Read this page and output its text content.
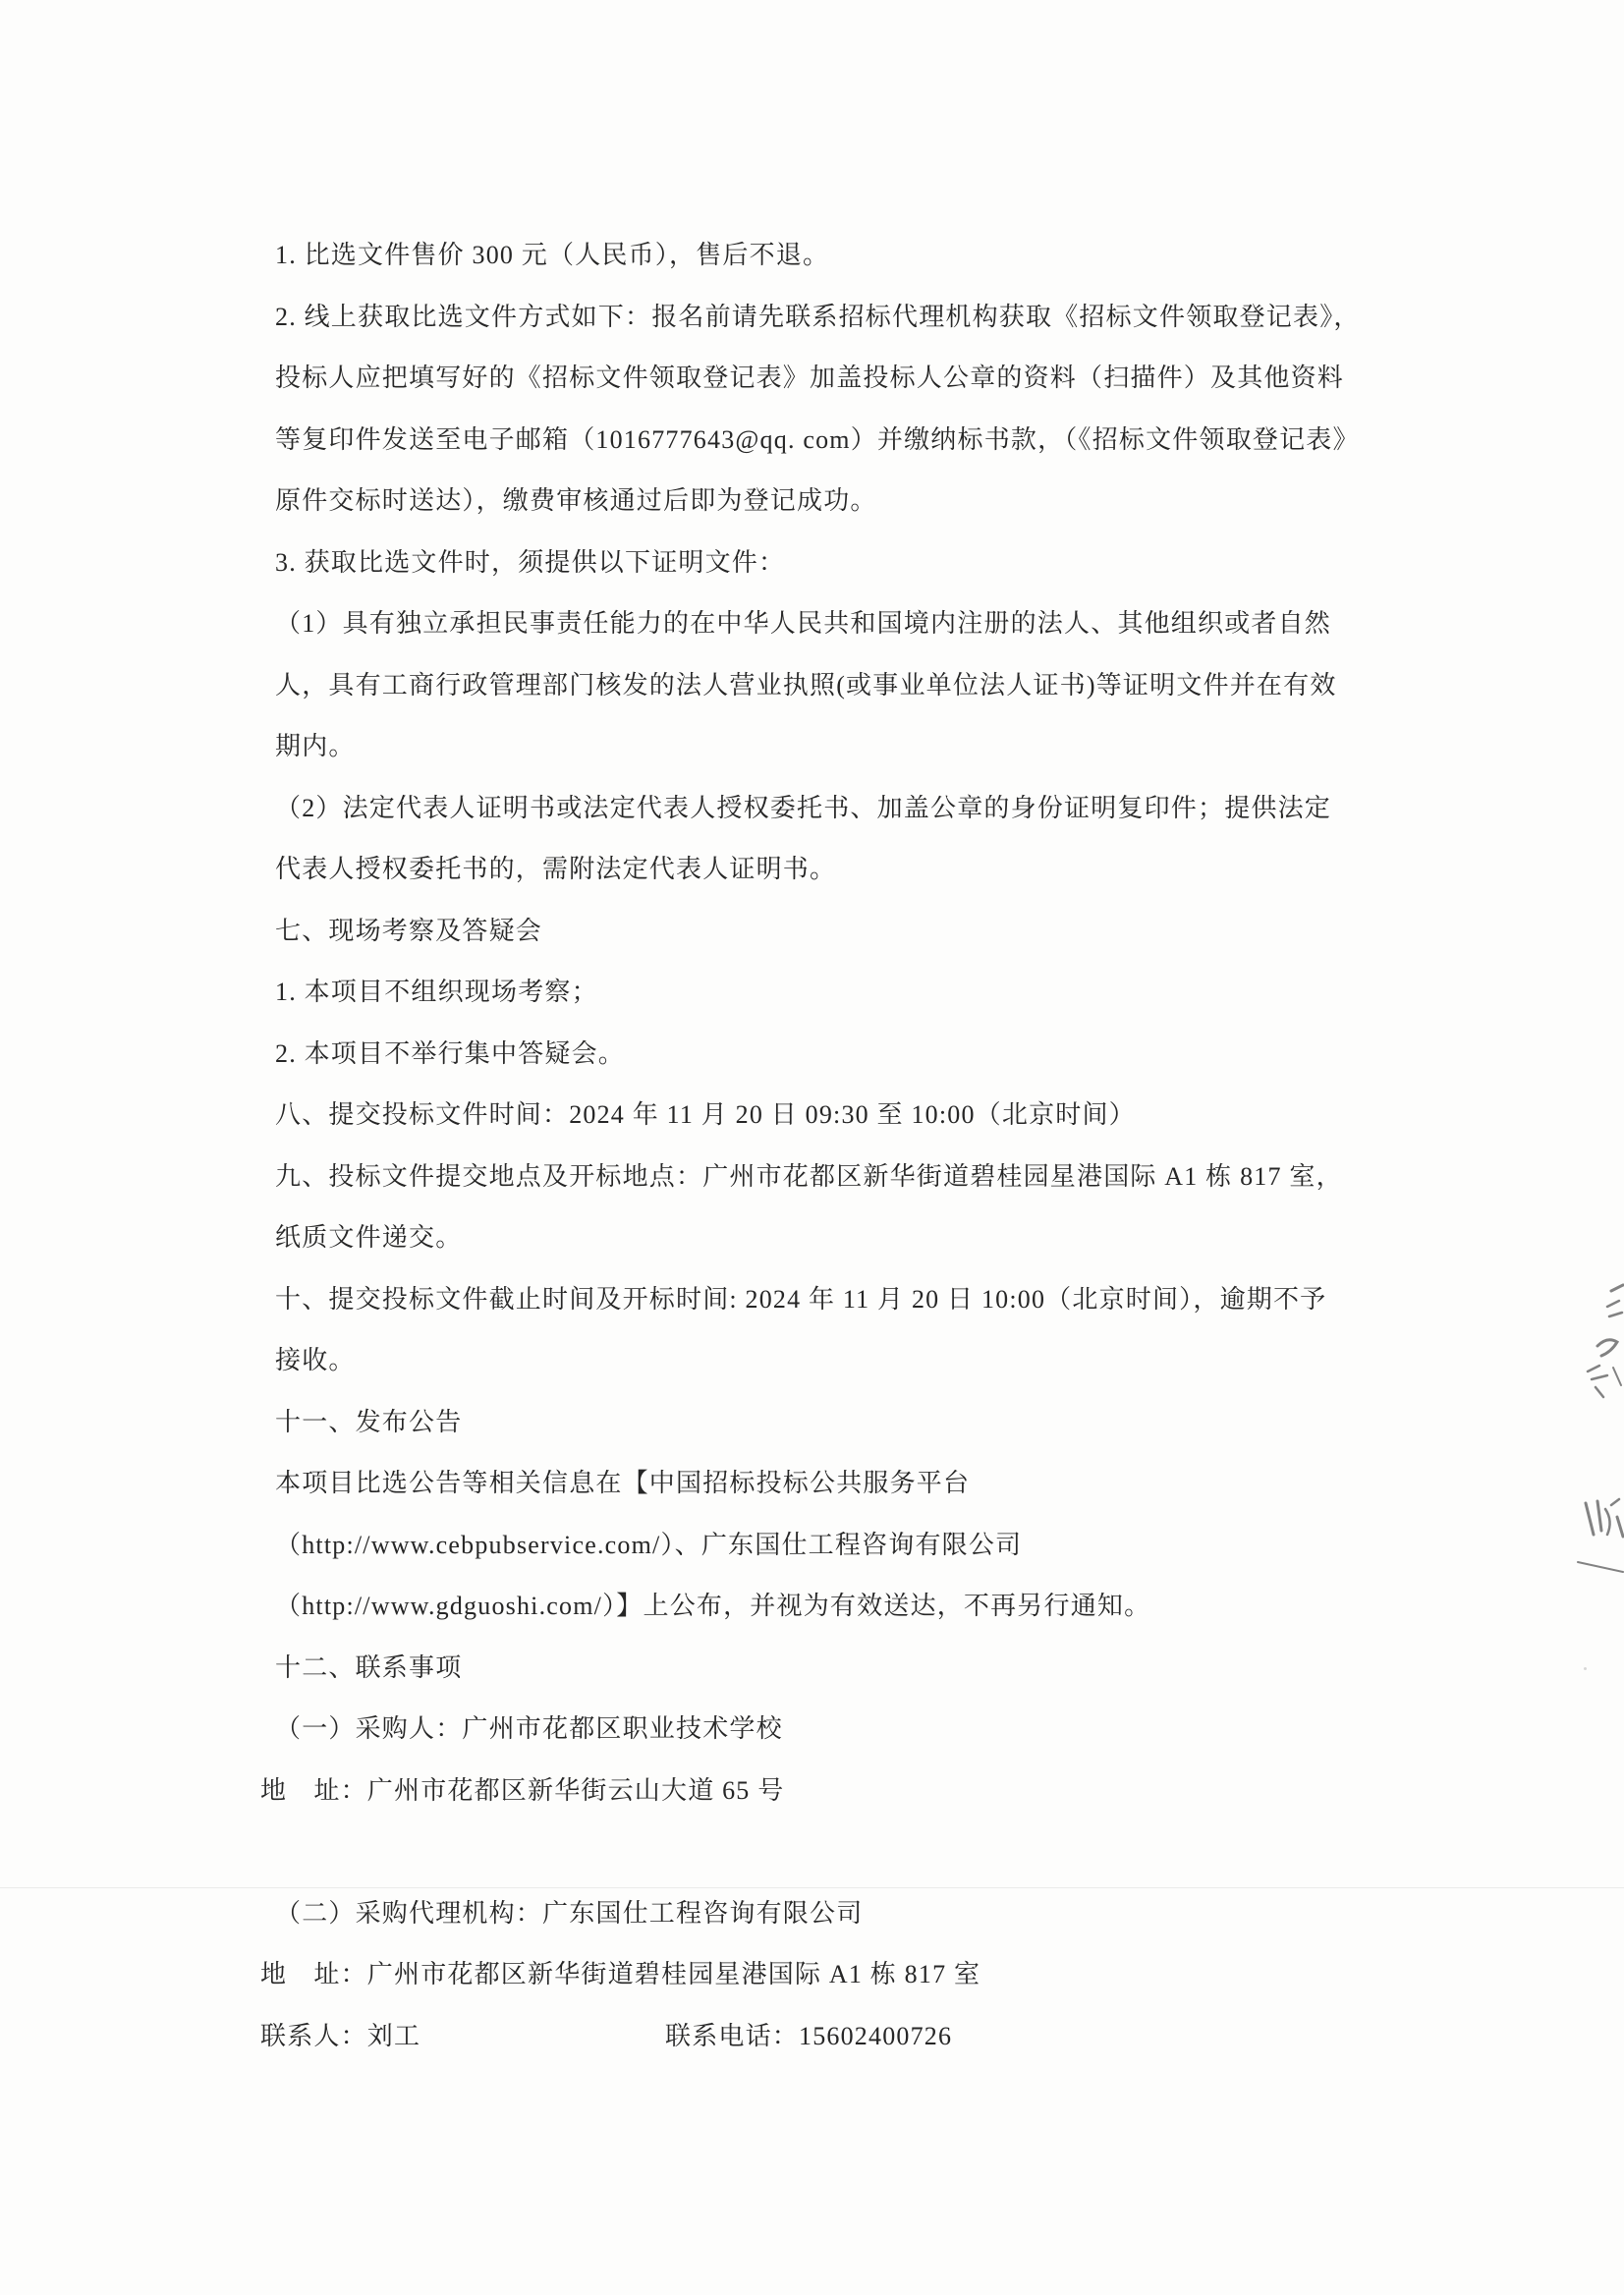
1. 比选文件售价 300 元（人民币），售后不退。
2. 线上获取比选文件方式如下：报名前请先联系招标代理机构获取《招标文件领取登记表》，
投标人应把填写好的《招标文件领取登记表》加盖投标人公章的资料（扫描件）及其他资料
等复印件发送至电子邮箱（1016777643@qq. com）并缴纳标书款，（《招标文件领取登记表》
原件交标时送达），缴费审核通过后即为登记成功。
3. 获取比选文件时，须提供以下证明文件：
（1）具有独立承担民事责任能力的在中华人民共和国境内注册的法人、其他组织或者自然
人，具有工商行政管理部门核发的法人营业执照(或事业单位法人证书)等证明文件并在有效
期内。
（2）法定代表人证明书或法定代表人授权委托书、加盖公章的身份证明复印件；提供法定
代表人授权委托书的，需附法定代表人证明书。
七、现场考察及答疑会
1. 本项目不组织现场考察；
2. 本项目不举行集中答疑会。
八、提交投标文件时间：2024 年 11 月 20 日 09:30 至 10:00（北京时间）
九、投标文件提交地点及开标地点：广州市花都区新华街道碧桂园星港国际 A1 栋 817 室，
纸质文件递交。
十、提交投标文件截止时间及开标时间: 2024 年 11 月 20 日 10:00（北京时间），逾期不予
接收。
十一、发布公告
本项目比选公告等相关信息在【中国招标投标公共服务平台
（http://www.cebpubservice.com/）、广东国仕工程咨询有限公司
（http://www.gdguoshi.com/）】上公布，并视为有效送达，不再另行通知。
十二、联系事项
（一）采购人：广州市花都区职业技术学校
地　址：广州市花都区新华街云山大道 65 号
（二）采购代理机构：广东国仕工程咨询有限公司
地　址：广州市花都区新华街道碧桂园星港国际 A1 栋 817 室
联系人：刘工	联系电话：15602400726
